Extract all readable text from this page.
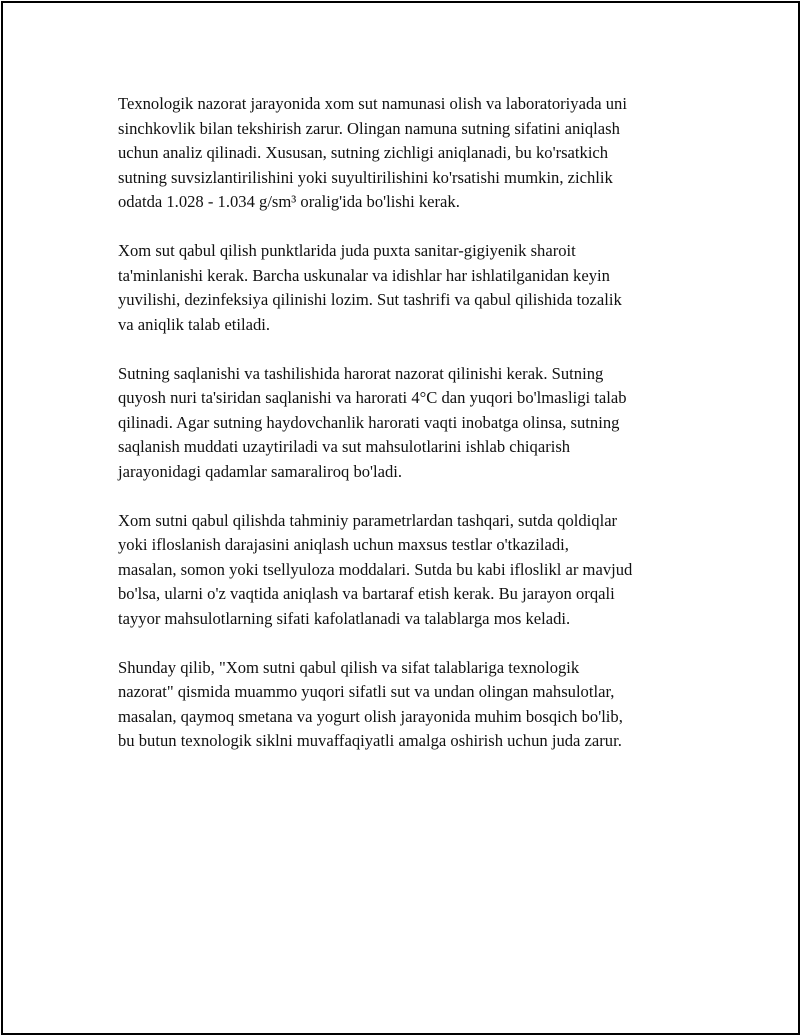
Texnologik nazorat jarayonida xom sut namunasi olish va laboratoriyada uni
sinchkovlik bilan tekshirish zarur. Olingan namuna sutning sifatini aniqlash
uchun analiz qilinadi. Xususan, sutning zichligi aniqlanadi, bu ko'rsatkich
sutning suvsizlantirilishini yoki suyultirilishini ko'rsatishi mumkin, zichlik
odatda 1.028 - 1.034 g/sm³ oralig'ida bo'lishi kerak.

Xom sut qabul qilish punktlarida juda puxta sanitar-gigiyenik sharoit
ta'minlanishi kerak. Barcha uskunalar va idishlar har ishlatilganidan keyin
yuvilishi, dezinfeksiya qilinishi lozim. Sut tashrifi va qabul qilishida tozalik
va aniqlik talab etiladi.

Sutning saqlanishi va tashilishida harorat nazorat qilinishi kerak. Sutning
quyosh nuri ta'siridan saqlanishi va harorati 4°C dan yuqori bo'lmasligi talab
qilinadi. Agar sutning haydovchanlik harorati vaqti inobatga olinsa, sutning
saqlanish muddati uzaytiriladi va sut mahsulotlarini ishlab chiqarish
jarayonidagi qadamlar samaraliroq bo'ladi.

Xom sutni qabul qilishda tahminiy parametrlardan tashqari, sutda qoldiqlar
yoki ifloslanish darajasini aniqlash uchun maxsus testlar o'tkaziladi,
masalan, somon yoki tsellyuloza moddalari. Sutda bu kabi ifloslikl ar mavjud
bo'lsa, ularni o'z vaqtida aniqlash va bartaraf etish kerak. Bu jarayon orqali
tayyor mahsulotlarning sifati kafolatlanadi va talablarga mos keladi.

Shunday qilib, "Xom sutni qabul qilish va sifat talablariga texnologik
nazorat" qismida muammo yuqori sifatli sut va undan olingan mahsulotlar,
masalan, qaymoq smetana va yogurt olish jarayonida muhim bosqich bo'lib,
bu butun texnologik siklni muvaffaqiyatli amalga oshirish uchun juda zarur.
